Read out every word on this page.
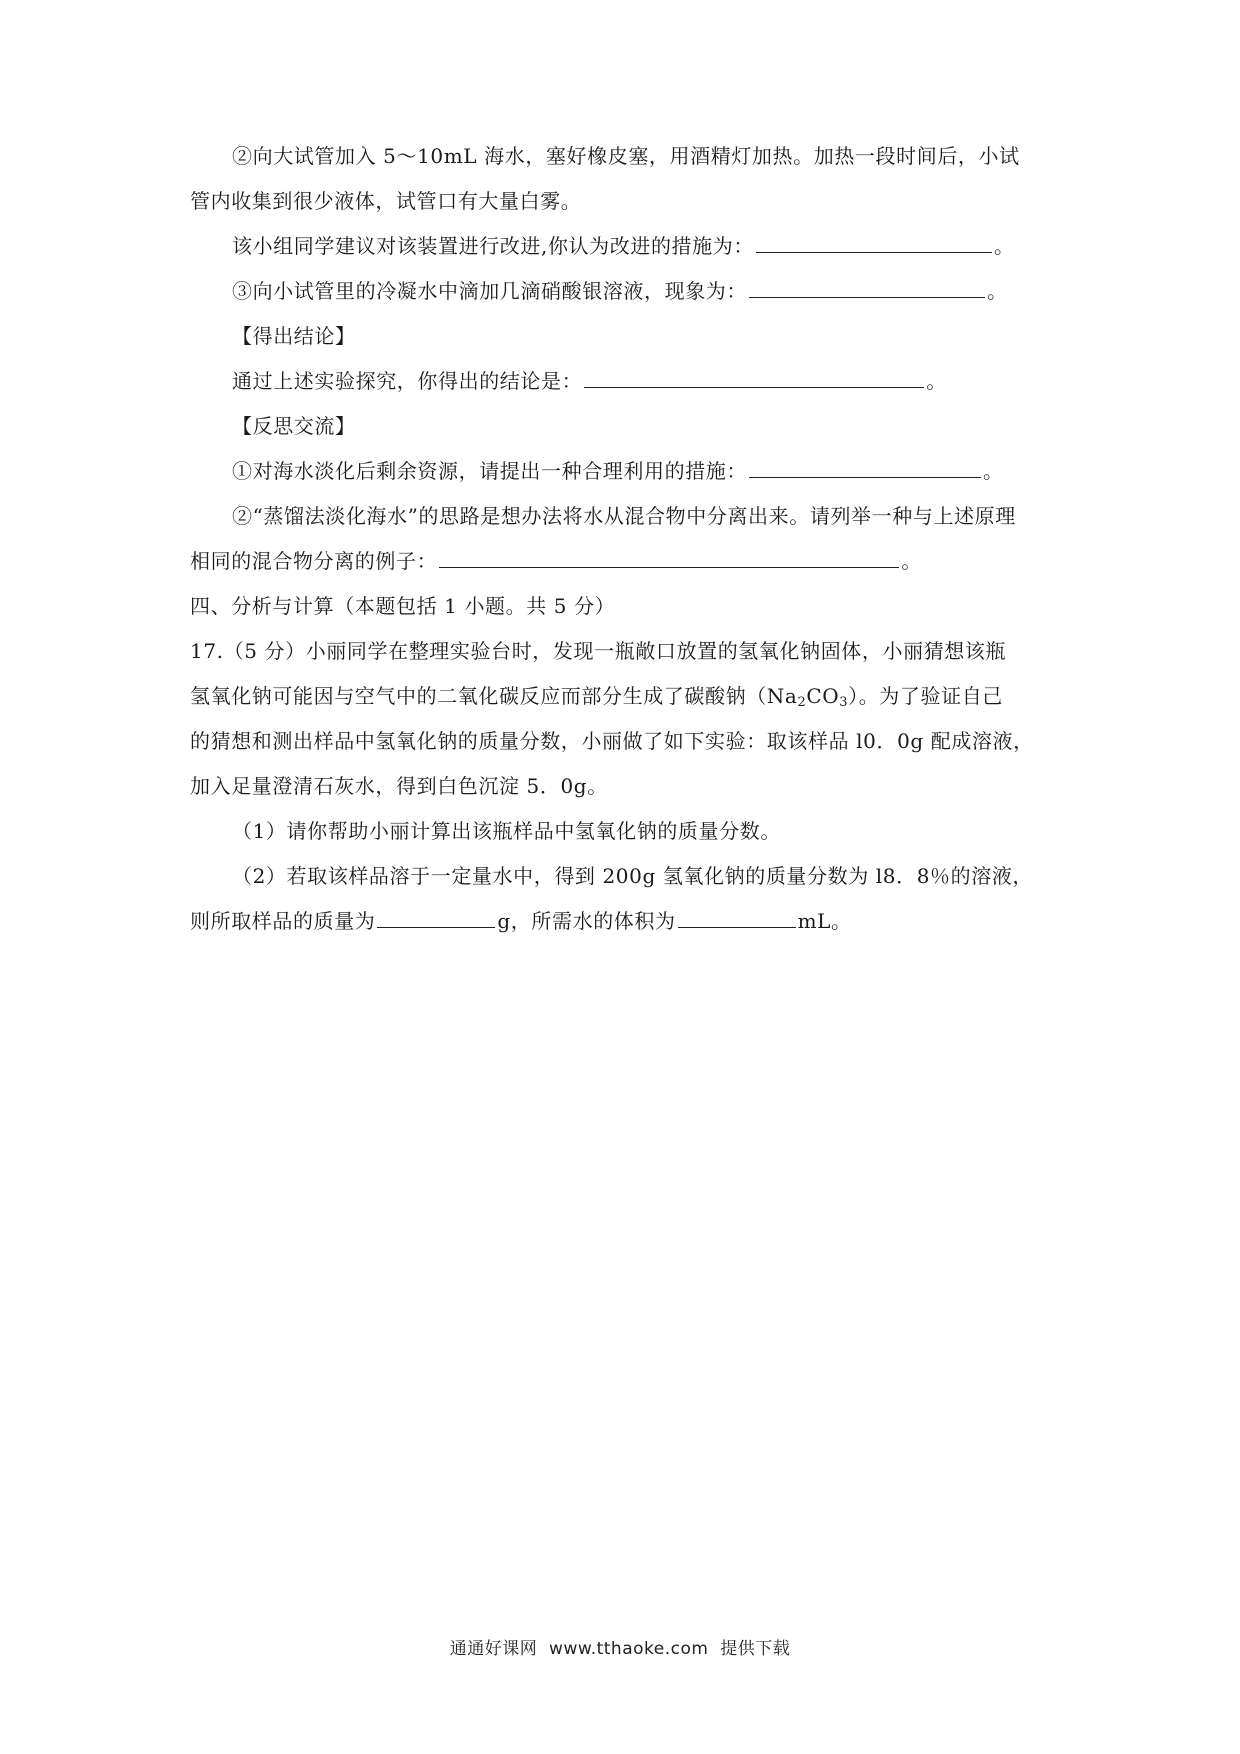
②向大试管加入 5～10mL 海水，塞好橡皮塞，用酒精灯加热。加热一段时间后，小试
管内收集到很少液体，试管口有大量白雾。
该小组同学建议对该装置进行改进,你认为改进的措施为：	。
③向小试管里的冷凝水中滴加几滴硝酸银溶液，现象为：	。
【得出结论】
通过上述实验探究，你得出的结论是：	。
【反思交流】
①对海水淡化后剩余资源，请提出一种合理利用的措施：	。
②“蒸馏法淡化海水”的思路是想办法将水从混合物中分离出来。请列举一种与上述原理
相同的混合物分离的例子：	。
四、分析与计算（本题包括 1 小题。共 5 分）
17.（5 分）小丽同学在整理实验台时，发现一瓶敞口放置的氢氧化钠固体，小丽猜想该瓶
氢氧化钠可能因与空气中的二氧化碳反应而部分生成了碳酸钠$(Na_2CO_3)$。为了验证自己
的猜想和测出样品中氢氧化钠的质量分数，小丽做了如下实验：取该样品 l0．0g 配成溶液，
加入足量澄清石灰水，得到白色沉淀 5．0g。
（1）请你帮助小丽计算出该瓶样品中氢氧化钠的质量分数。
（2）若取该样品溶于一定量水中，得到 200g 氢氧化钠的质量分数为 l8．8％的溶液，
则所取样品的质量为	g，所需水的体积为	mL。
通通好课网  www.tthaoke.com  提供下载
